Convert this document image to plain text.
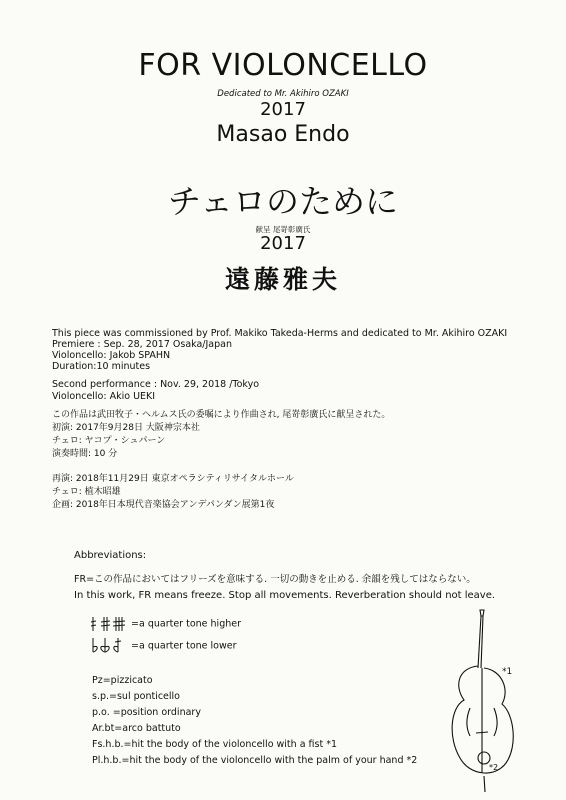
FOR VIOLONCELLO
Dedicated to Mr. Akihiro OZAKI
2017
Masao Endo
チェロのために
献呈 尾嵜彰廣氏
2017
遠藤雅夫
This piece was commissioned by Prof. Makiko Takeda-Herms and dedicated to Mr. Akihiro OZAKI
Premiere : Sep. 28, 2017 Osaka/Japan
Violoncello: Jakob SPAHN
Duration:10 minutes
Second performance : Nov. 29, 2018 /Tokyo
Violoncello: Akio UEKI
この作品は武田牧子・ヘルムス氏の委嘱により作曲され, 尾嵜彰廣氏に献呈された。
初演: 2017年9月28日 大阪神宗本社
チェロ: ヤコプ・シュパーン
演奏時間: 10 分
再演: 2018年11月29日 東京オペラシティリサイタルホール
チェロ: 植木昭雄
企画: 2018年日本現代音楽協会アンデパンダン展第1夜
Abbreviations:
FR=この作品においてはフリーズを意味する. 一切の動きを止める. 余韻を残してはならない。
In this work, FR means freeze. Stop all movements. Reverberation should not leave.
=a quarter tone higher
=a quarter tone lower
Pz=pizzicato
s.p.=sul ponticello
p.o. =position ordinary
Ar.bt=arco battuto
Fs.h.b.=hit the body of the violoncello with a fist *1
Pl.h.b.=hit the body of the violoncello with the palm of your hand *2
*1
*2
